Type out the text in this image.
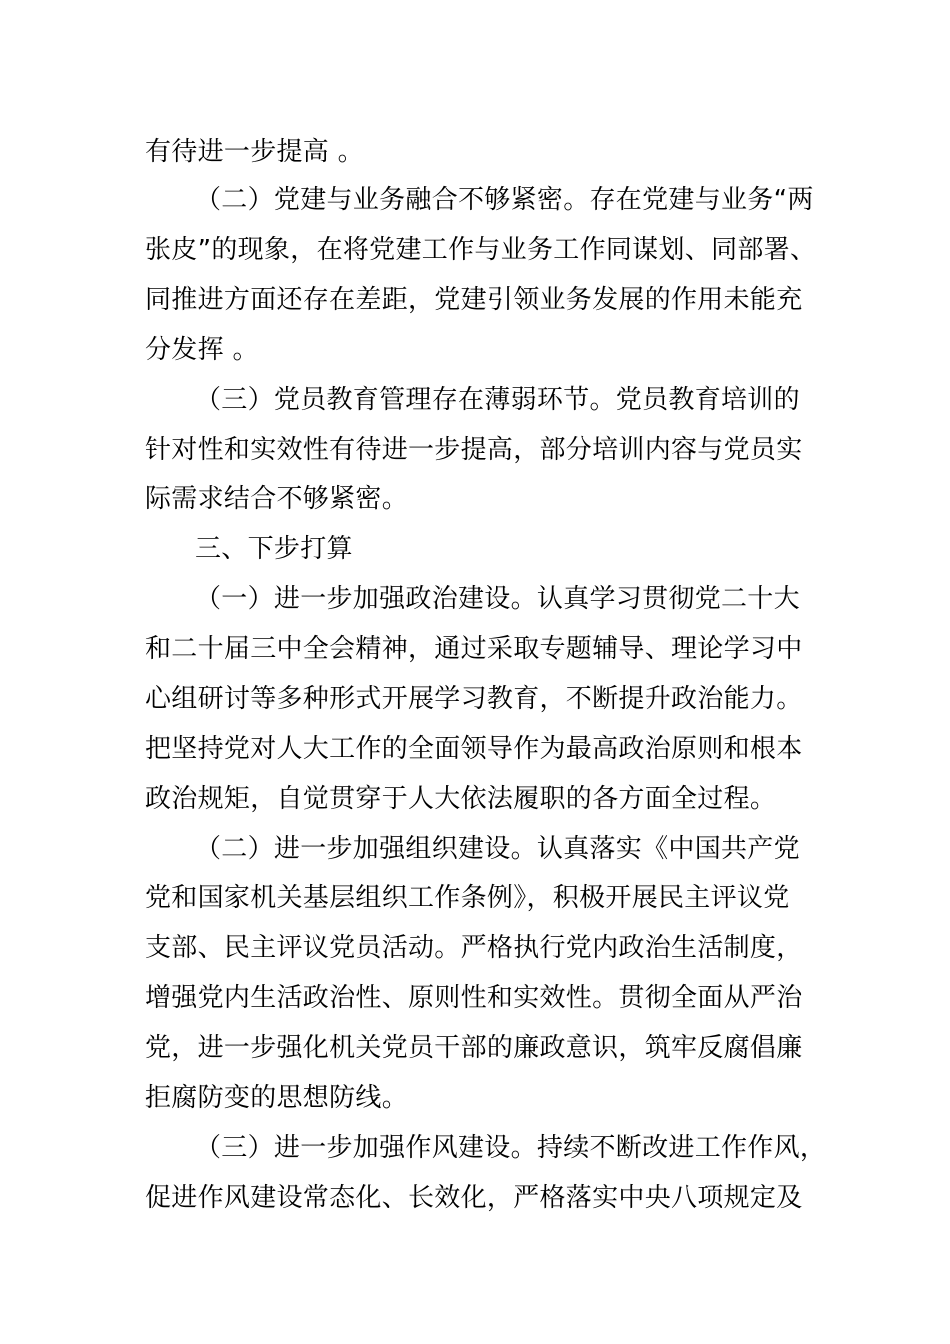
有待进一步提高 。
（二）党建与业务融合不够紧密。存在党建与业务“两
张皮”的现象，在将党建工作与业务工作同谋划、同部署、
同推进方面还存在差距，党建引领业务发展的作用未能充
分发挥 。
（三）党员教育管理存在薄弱环节。党员教育培训的
针对性和实效性有待进一步提高，部分培训内容与党员实
际需求结合不够紧密。
三、下步打算
（一）进一步加强政治建设。认真学习贯彻党二十大
和二十届三中全会精神，通过采取专题辅导、理论学习中
心组研讨等多种形式开展学习教育，不断提升政治能力。
把坚持党对人大工作的全面领导作为最高政治原则和根本
政治规矩，自觉贯穿于人大依法履职的各方面全过程。
（二）进一步加强组织建设。认真落实《中国共产党
党和国家机关基层组织工作条例》，积极开展民主评议党
支部、民主评议党员活动。严格执行党内政治生活制度，
增强党内生活政治性、原则性和实效性。贯彻全面从严治
党，进一步强化机关党员干部的廉政意识，筑牢反腐倡廉
拒腐防变的思想防线。
（三）进一步加强作风建设。持续不断改进工作作风，
促进作风建设常态化、长效化，严格落实中央八项规定及
